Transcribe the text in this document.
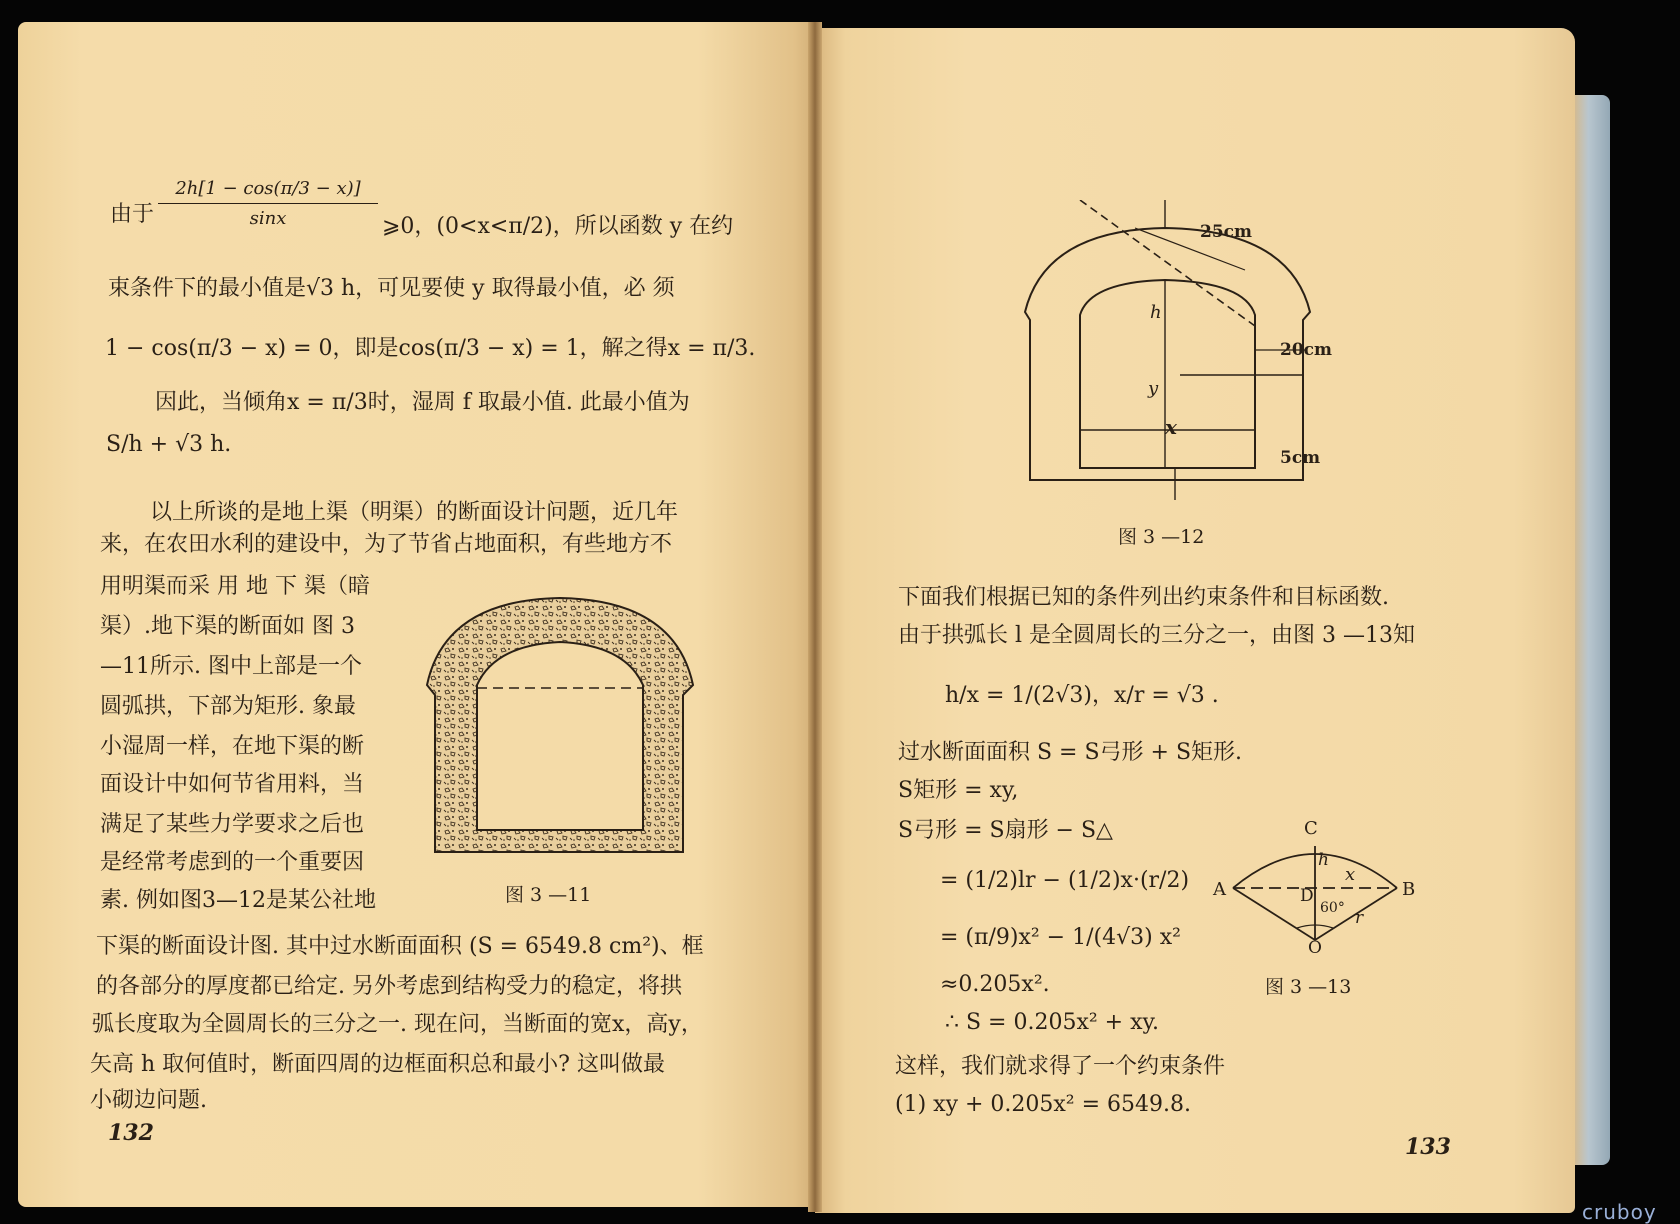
由于 $\frac{2h[1 - \cos(\pi/3 - x)]}{\sin x}$ ⩾0，(0<x<π/2)，所以函数 y 在约
束条件下的最小值是√3 h，可见要使 y 取得最小值，必 须
1 − cos(π/3 − x) = 0，即是cos(π/3 − x) = 1，解之得x = π/3.
因此，当倾角x = π/3时，湿周 f 取最小值. 此最小值为
S/h + √3 h.
以上所谈的是地上渠（明渠）的断面设计问题，近几年
来，在农田水利的建设中，为了节省占地面积，有些地方不
用明渠而采 用 地 下 渠（暗
渠）.地下渠的断面如 图 3
—11所示. 图中上部是一个
圆弧拱，下部为矩形. 象最
小湿周一样，在地下渠的断
面设计中如何节省用料，当
满足了某些力学要求之后也
是经常考虑到的一个重要因
素. 例如图3—12是某公社地
下渠的断面设计图. 其中过水断面面积 (S = 6549.8 cm²)、框
的各部分的厚度都已给定. 另外考虑到结构受力的稳定，将拱
弧长度取为全圆周长的三分之一. 现在问，当断面的宽x，高y，
矢高 h 取何值时，断面四周的边框面积总和最小? 这叫做最
小砌边问题.
图 3 —11
132
25cm
h
20cm
y
x
5cm
图 3 —12
下面我们根据已知的条件列出约束条件和目标函数.
由于拱弧长 l 是全圆周长的三分之一，由图 3 —13知
h/x = 1/(2√3)，x/r = √3 .
过水断面面积 S = S弓形 + S矩形.
S矩形 = xy,
S弓形 = S扇形 − S△
= (1/2)lr − (1/2)x·(r/2)
= (π/9)x² − 1/(4√3) x²
≈0.205x².
∴ S = 0.205x² + xy.
这样，我们就求得了一个约束条件
(1) xy + 0.205x² = 6549.8.
C
h
A	D
x
B
60° r
O
图 3 —13
133
cruboy
